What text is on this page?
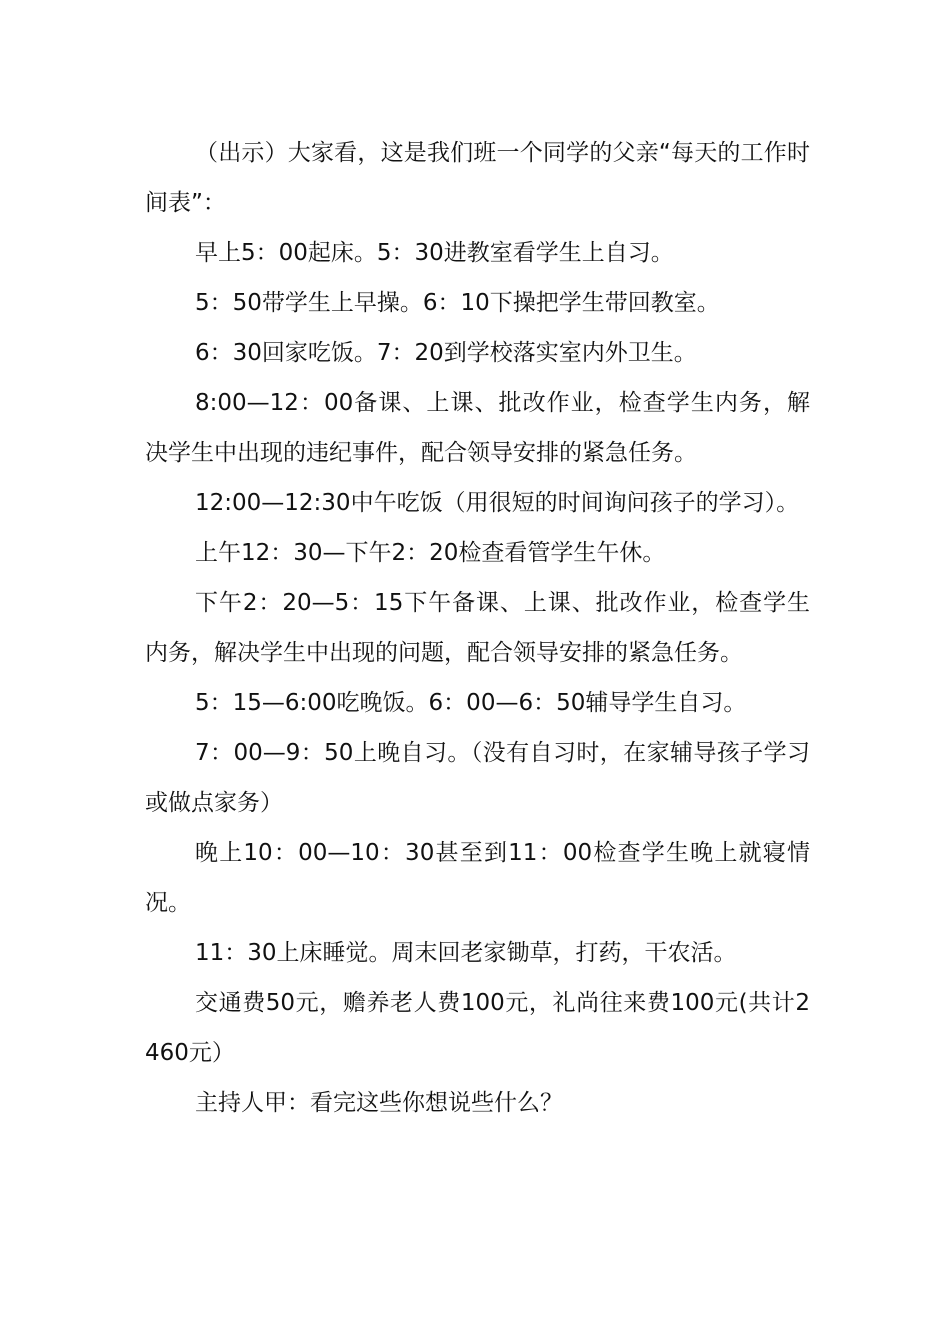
（出示）大家看，这是我们班一个同学的父亲“每天的工作时间表”：

早上5：00起床。5：30进教室看学生上自习。

5：50带学生上早操。6：10下操把学生带回教室。

6：30回家吃饭。7：20到学校落实室内外卫生。

8:00—12：00备课、上课、批改作业，检查学生内务，解决学生中出现的违纪事件，配合领导安排的紧急任务。

12:00—12:30中午吃饭（用很短的时间询问孩子的学习）。

上午12：30—下午2：20检查看管学生午休。

下午2：20—5：15下午备课、上课、批改作业，检查学生内务，解决学生中出现的问题，配合领导安排的紧急任务。

5：15—6:00吃晚饭。6：00—6：50辅导学生自习。

7：00—9：50上晚自习。（没有自习时，在家辅导孩子学习或做点家务）

晚上10：00—10：30甚至到11：00检查学生晚上就寝情况。

11：30上床睡觉。周末回老家锄草，打药，干农活。

交通费50元，赡养老人费100元，礼尚往来费100元(共计2460元）

主持人甲：看完这些你想说些什么？
